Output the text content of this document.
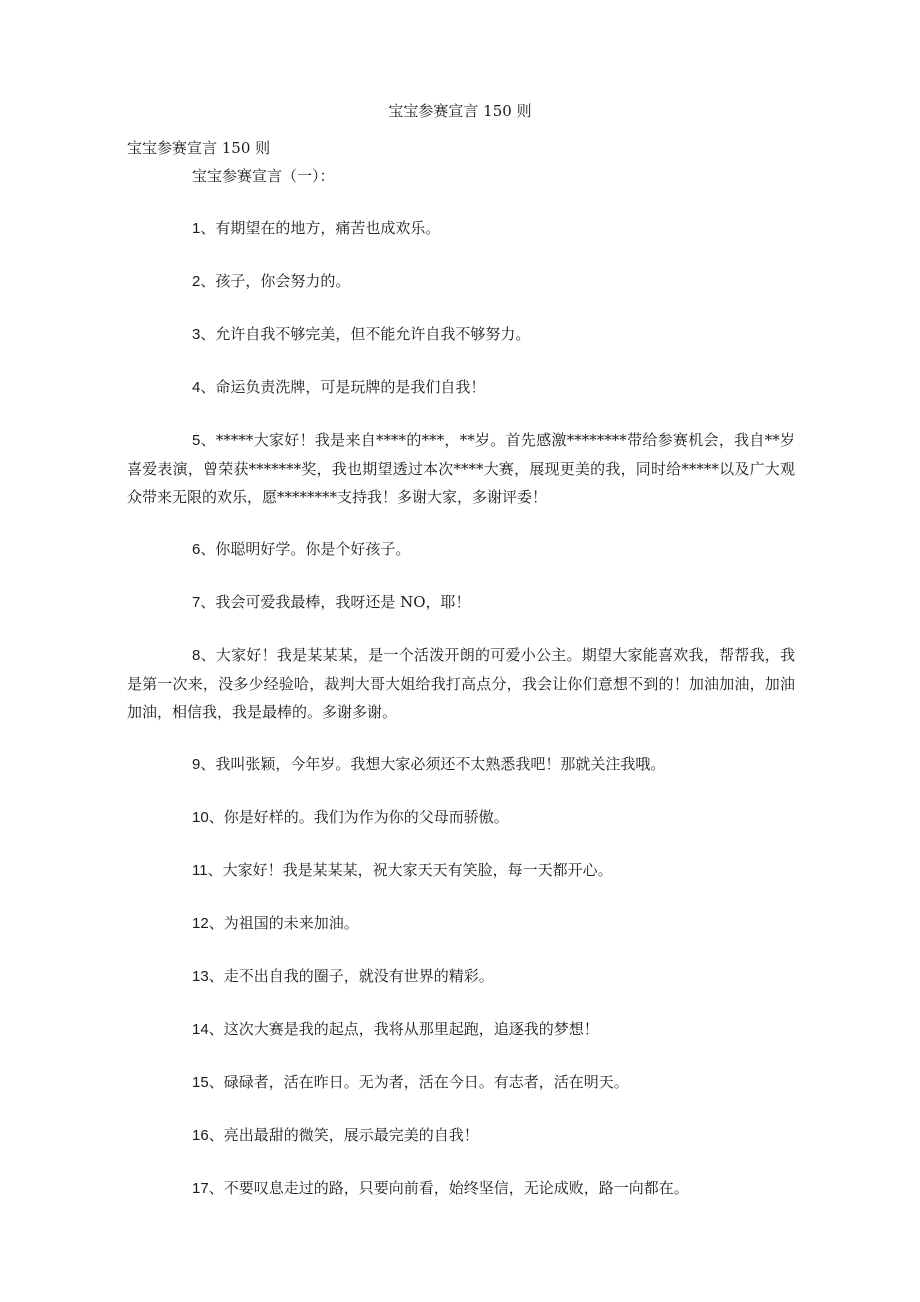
宝宝参赛宣言 150 则
宝宝参赛宣言 150 则
宝宝参赛宣言（一）：

1、有期望在的地方，痛苦也成欢乐。

2、孩子，你会努力的。

3、允许自我不够完美，但不能允许自我不够努力。

4、命运负责洗牌，可是玩牌的是我们自我！

5、*****大家好！我是来自****的***，**岁。首先感激********带给参赛机会，我自**岁喜爱表演，曾荣获*******奖，我也期望透过本次****大赛，展现更美的我，同时给*****以及广大观众带来无限的欢乐，愿********支持我！多谢大家，多谢评委！

6、你聪明好学。你是个好孩子。

7、我会可爱我最棒，我呀还是 NO，耶！

8、大家好！我是某某某，是一个活泼开朗的可爱小公主。期望大家能喜欢我，帮帮我，我是第一次来，没多少经验哈，裁判大哥大姐给我打高点分，我会让你们意想不到的！加油加油，加油加油，相信我，我是最棒的。多谢多谢。

9、我叫张颖，今年岁。我想大家必须还不太熟悉我吧！那就关注我哦。

10、你是好样的。我们为作为你的父母而骄傲。

11、大家好！我是某某某，祝大家天天有笑脸，每一天都开心。

12、为祖国的未来加油。

13、走不出自我的圈子，就没有世界的精彩。

14、这次大赛是我的起点，我将从那里起跑，追逐我的梦想！

15、碌碌者，活在昨日。无为者，活在今日。有志者，活在明天。

16、亮出最甜的微笑，展示最完美的自我！

17、不要叹息走过的路，只要向前看，始终坚信，无论成败，路一向都在。
